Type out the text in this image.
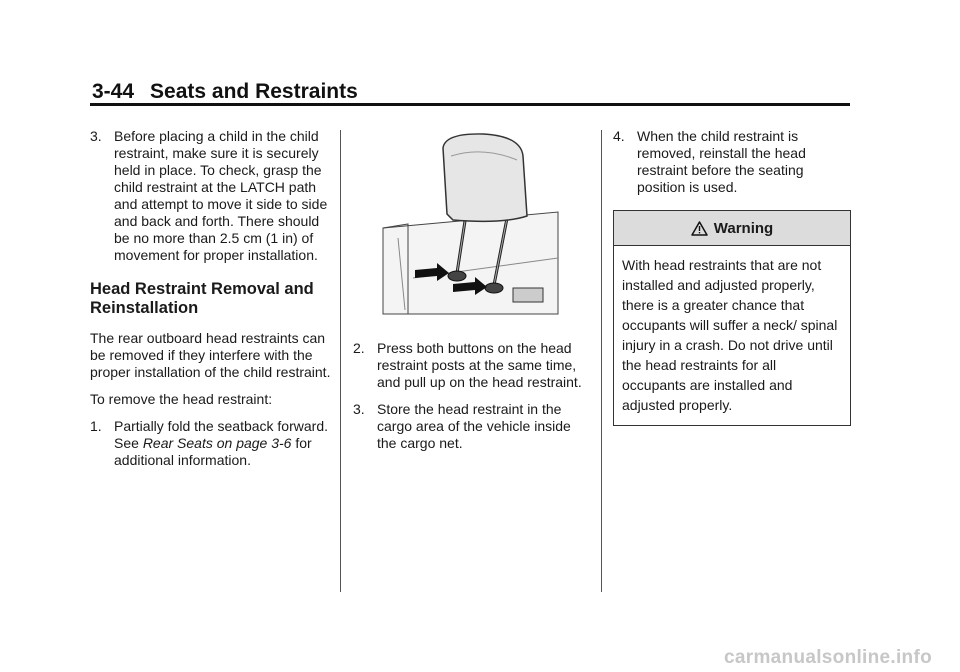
3-44 Seats and Restraints
3. Before placing a child in the child restraint, make sure it is securely held in place. To check, grasp the child restraint at the LATCH path and attempt to move it side to side and back and forth. There should be no more than 2.5 cm (1 in) of movement for proper installation.
Head Restraint Removal and Reinstallation

The rear outboard head restraints can be removed if they interfere with the proper installation of the child restraint.

To remove the head restraint:

1. Partially fold the seatback forward. See Rear Seats on page 3-6 for additional information.
2. Press both buttons on the head restraint posts at the same time, and pull up on the head restraint.
3. Store the head restraint in the cargo area of the vehicle inside the cargo net.
4. When the child restraint is removed, reinstall the head restraint before the seating position is used.
Warning
With head restraints that are not installed and adjusted properly, there is a greater chance that occupants will suffer a neck/ spinal injury in a crash. Do not drive until the head restraints for all occupants are installed and adjusted properly.
carmanualsonline.info
